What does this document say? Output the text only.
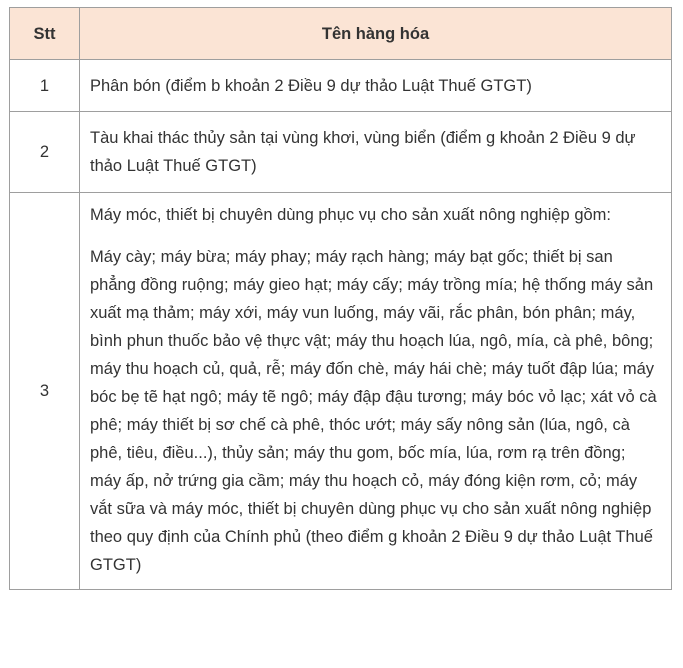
Stt	Tên hàng hóa
1	Phân bón (điểm b khoản 2 Điều 9 dự thảo Luật Thuế GTGT)
2	Tàu khai thác thủy sản tại vùng khơi, vùng biển (điểm g khoản 2 Điều 9 dự thảo Luật Thuế GTGT)
3	Máy móc, thiết bị chuyên dùng phục vụ cho sản xuất nông nghiệp gồm:

Máy cày; máy bừa; máy phay; máy rạch hàng; máy bạt gốc; thiết bị san phẳng đồng ruộng; máy gieo hạt; máy cấy; máy trồng mía; hệ thống máy sản xuất mạ thảm; máy xới, máy vun luống, máy vãi, rắc phân, bón phân; máy, bình phun thuốc bảo vệ thực vật; máy thu hoạch lúa, ngô, mía, cà phê, bông; máy thu hoạch củ, quả, rễ; máy đốn chè, máy hái chè; máy tuốt đập lúa; máy bóc bẹ tẽ hạt ngô; máy tẽ ngô; máy đập đậu tương; máy bóc vỏ lạc; xát vỏ cà phê; máy thiết bị sơ chế cà phê, thóc ướt; máy sấy nông sản (lúa, ngô, cà phê, tiêu, điều...), thủy sản; máy thu gom, bốc mía, lúa, rơm rạ trên đồng; máy ấp, nở trứng gia cầm; máy thu hoạch cỏ, máy đóng kiện rơm, cỏ; máy vắt sữa và máy móc, thiết bị chuyên dùng phục vụ cho sản xuất nông nghiệp theo quy định của Chính phủ (theo điểm g khoản 2 Điều 9 dự thảo Luật Thuế GTGT)
